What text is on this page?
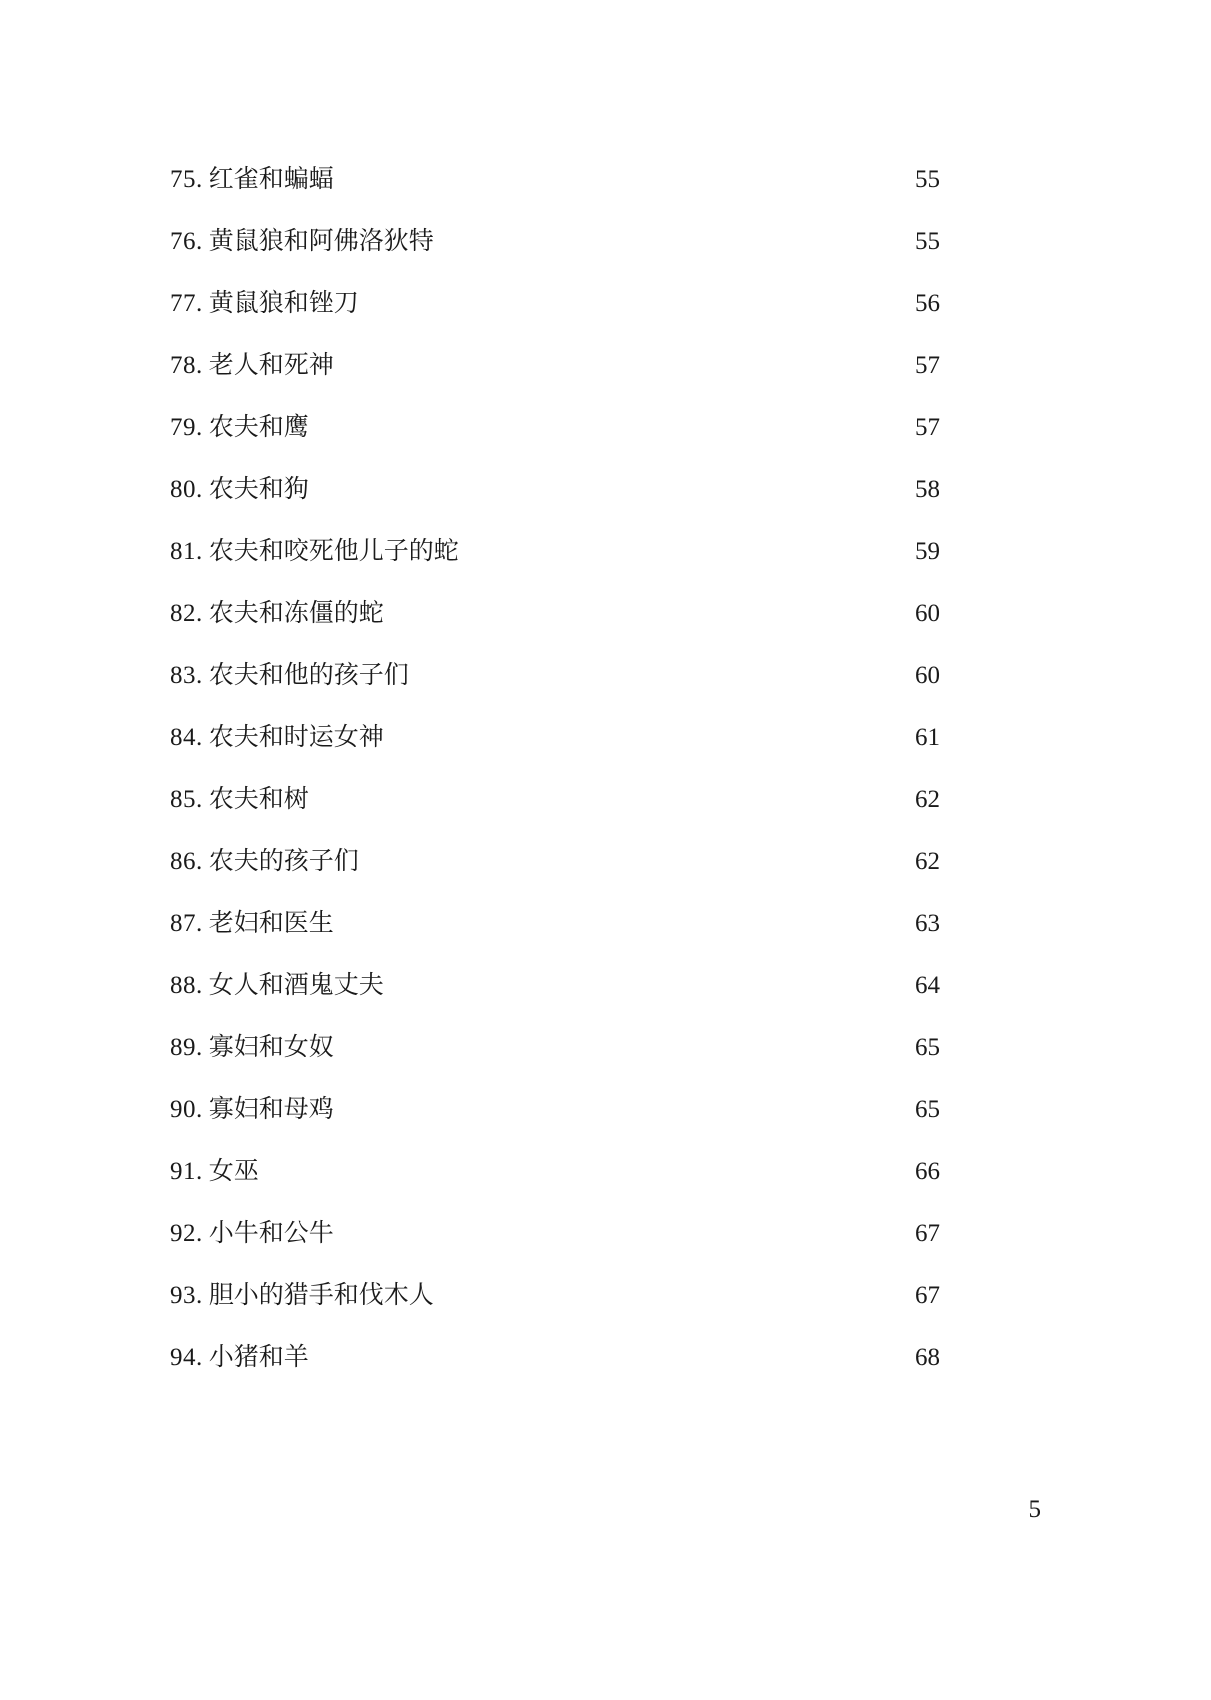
75. 红雀和蝙蝠 ·····	55
76. 黄鼠狼和阿佛洛狄特 ·····	55
77. 黄鼠狼和锉刀 ·····	56
78. 老人和死神 ·····	57
79. 农夫和鹰 ·····	57
80. 农夫和狗 ·····	58
81. 农夫和咬死他儿子的蛇 ·····	59
82. 农夫和冻僵的蛇 ·····	60
83. 农夫和他的孩子们 ·····	60
84. 农夫和时运女神 ·····	61
85. 农夫和树 ·····	62
86. 农夫的孩子们 ·····	62
87. 老妇和医生 ·····	63
88. 女人和酒鬼丈夫 ·····	64
89. 寡妇和女奴 ·····	65
90. 寡妇和母鸡 ·····	65
91. 女巫 ·····	66
92. 小牛和公牛 ·····	67
93. 胆小的猎手和伐木人 ·····	67
94. 小猪和羊 ·····	68
5
